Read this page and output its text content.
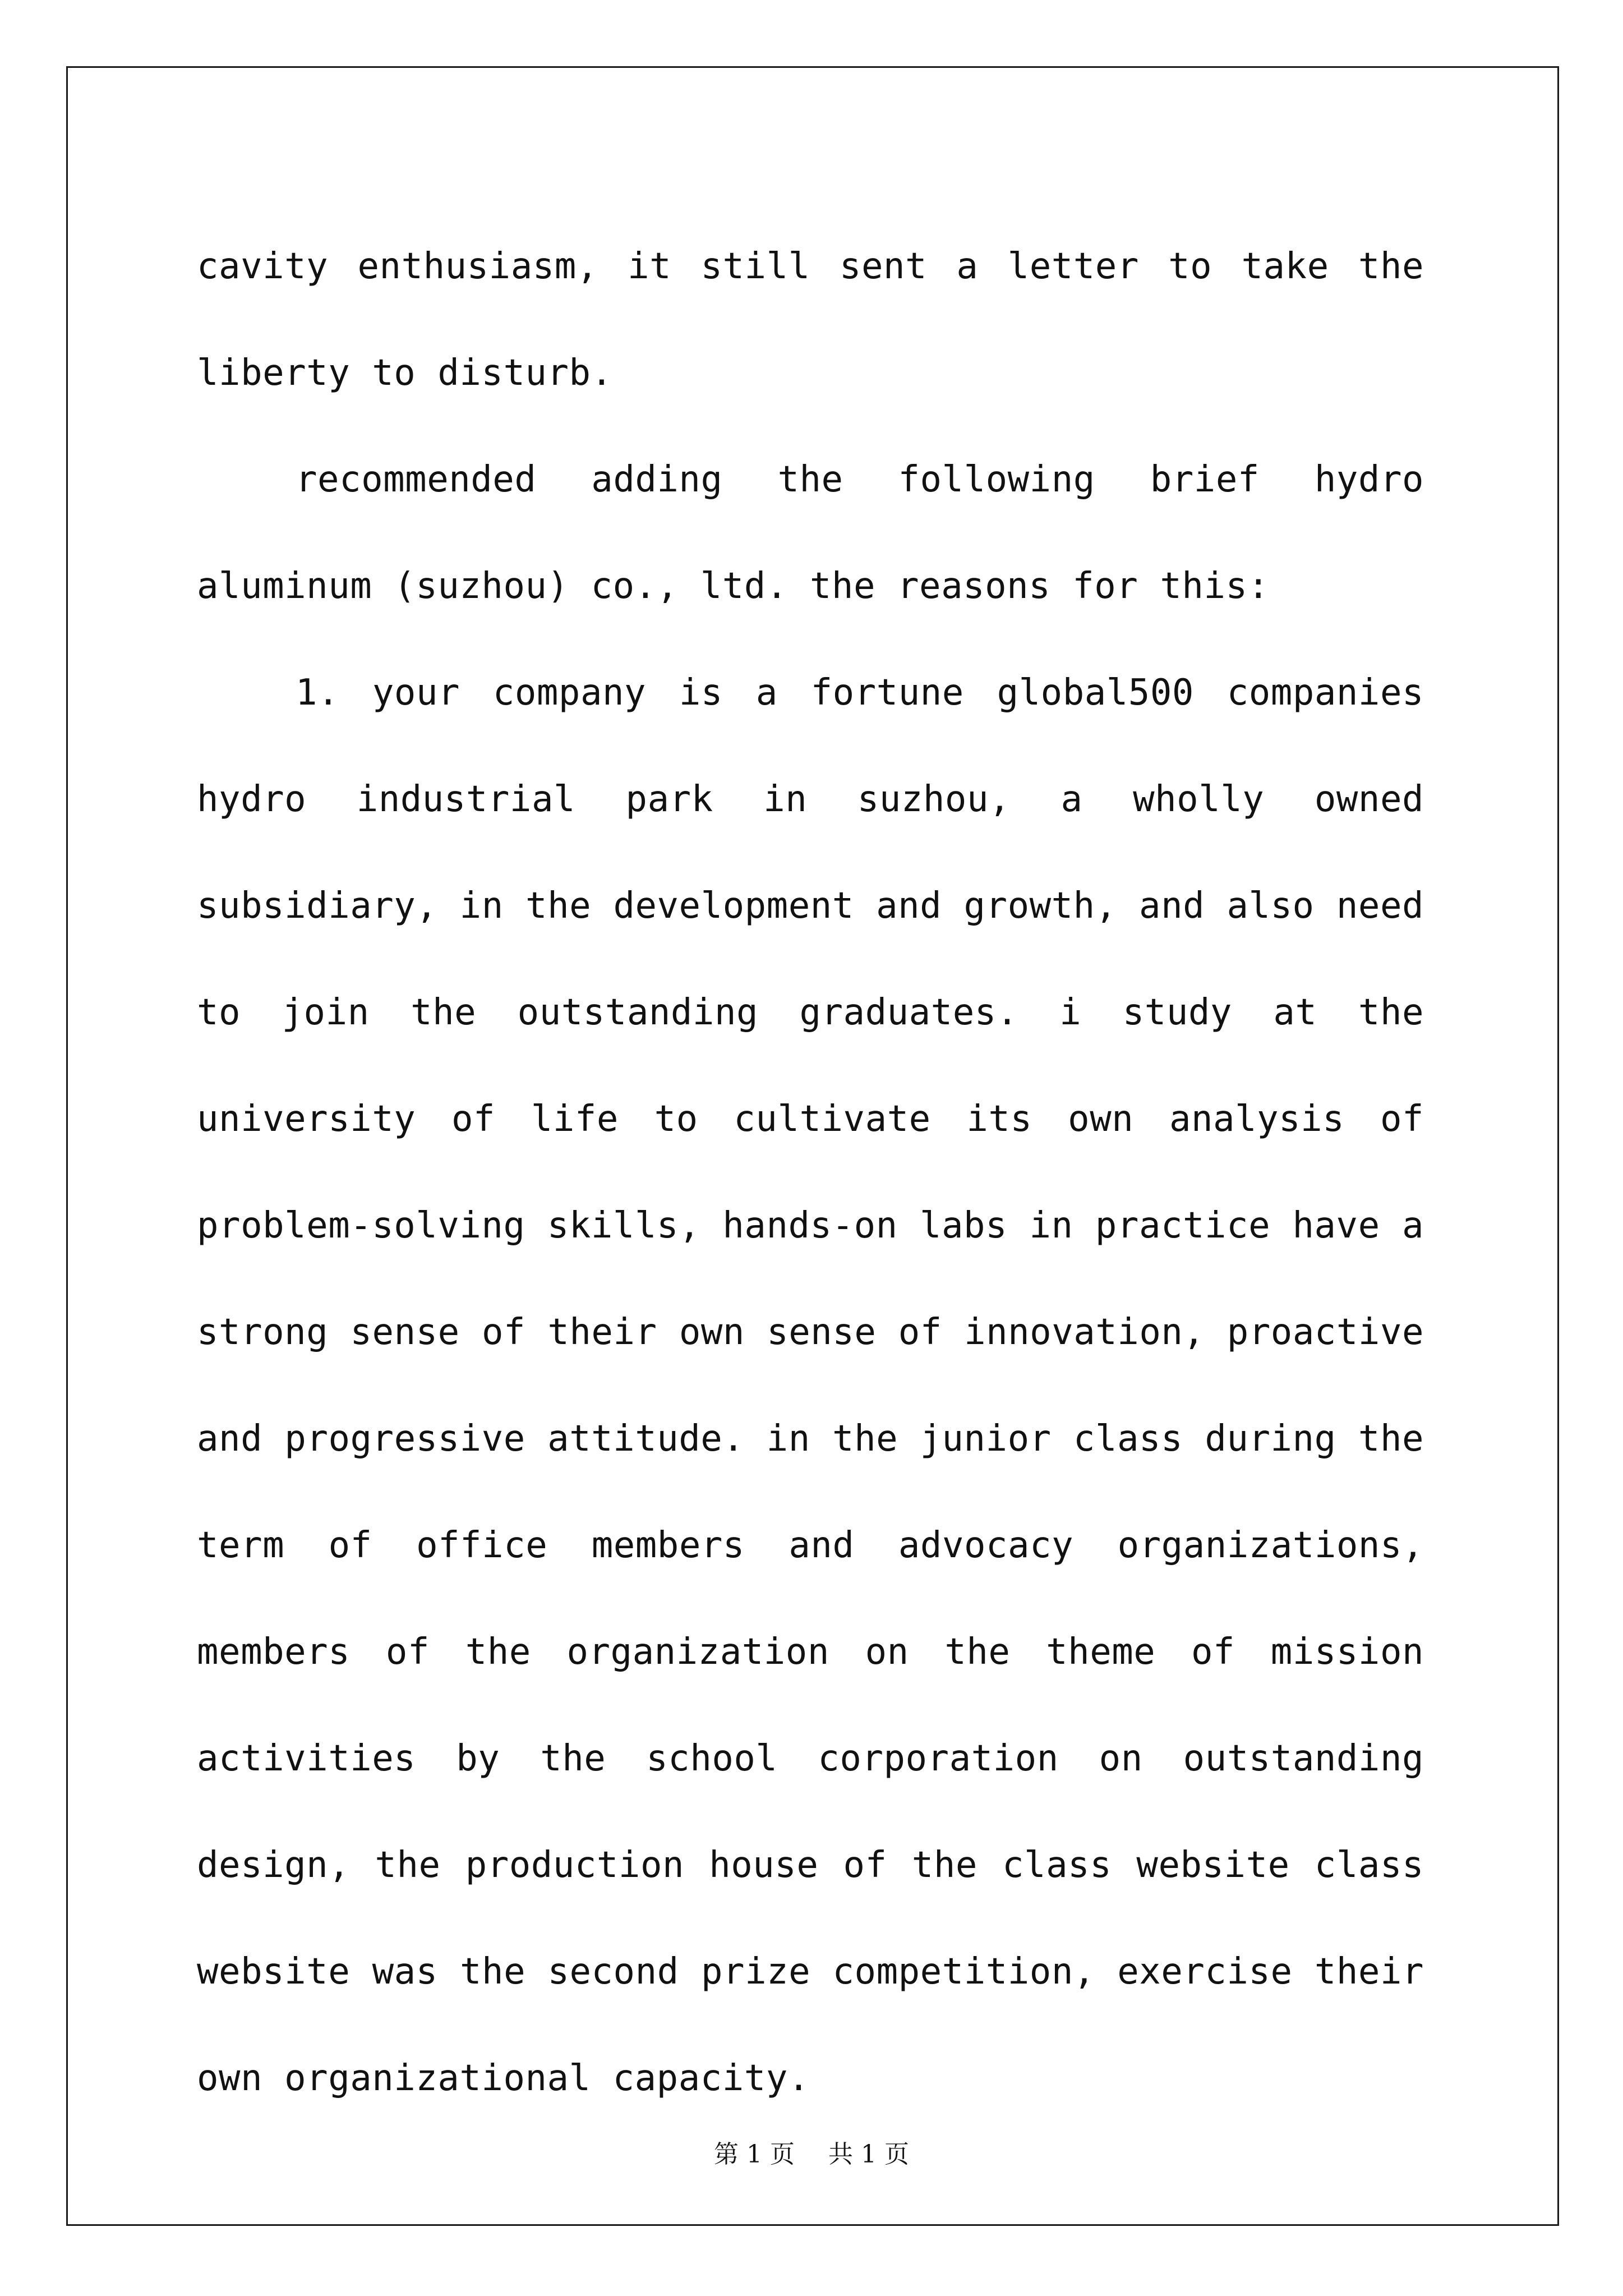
cavity enthusiasm, it still sent a letter to take the liberty to disturb.

recommended adding the following brief hydro aluminum (suzhou) co., ltd. the reasons for this:

1. your company is a fortune global500 companies hydro industrial park in suzhou, a wholly owned subsidiary, in the development and growth, and also need to join the outstanding graduates. i study at the university of life to cultivate its own analysis of problem-solving skills, hands-on labs in practice have a strong sense of their own sense of innovation, proactive and progressive attitude. in the junior class during the term of office members and advocacy organizations, members of the organization on the theme of mission activities by the school corporation on outstanding design, the production house of the class website class website was the second prize competition, exercise their own organizational capacity.

第 1 页 共 1 页
